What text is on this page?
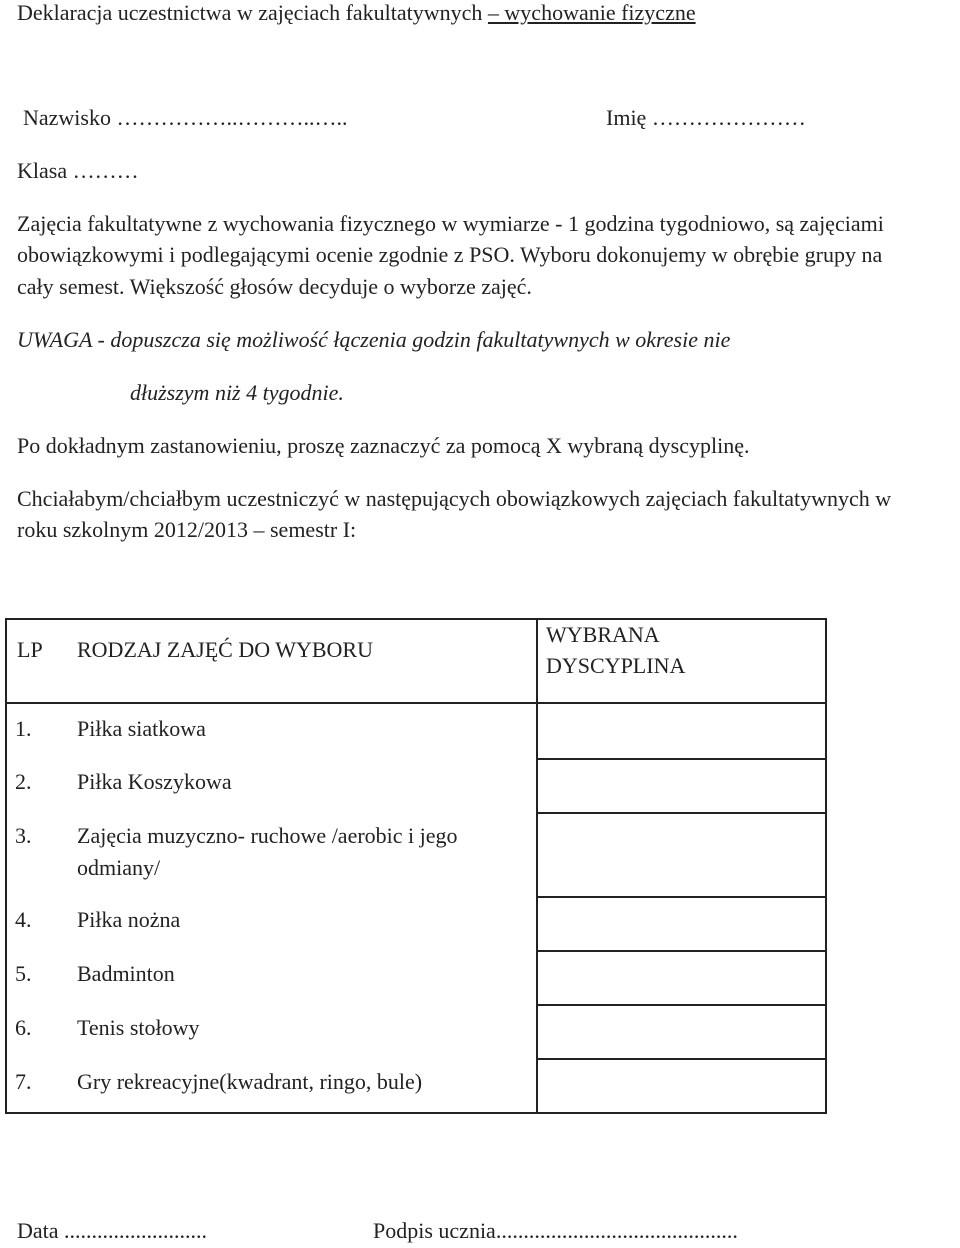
Deklaracja uczestnictwa w zajęciach fakultatywnych – wychowanie fizyczne
Nazwisko ……………..………..…..	Imię …………………
Klasa ………
Zajęcia fakultatywne z wychowania fizycznego w wymiarze - 1 godzina tygodniowo, są zajęciami
obowiązkowymi i podlegającymi ocenie zgodnie z PSO. Wyboru dokonujemy w obrębie grupy na
cały semest. Większość głosów decyduje o wyborze zajęć.
UWAGA - dopuszcza się możliwość łączenia godzin fakultatywnych w okresie nie
dłuższym niż 4 tygodnie.
Po dokładnym zastanowieniu, proszę zaznaczyć za pomocą X wybraną dyscyplinę.
Chciałabym/chciałbym uczestniczyć w następujących obowiązkowych zajęciach fakultatywnych w
roku szkolnym 2012/2013 – semestr I:
LP	RODZAJ ZAJĘĆ DO WYBORU	WYBRANA
DYSCYPLINA

1.	Piłka siatkowa	

2.	Piłka Koszykowa	

3.	Zajęcia muzyczno- ruchowe /aerobic i jego
odmiany/	

4.	Piłka nożna	

5.	Badminton	

6.	Tenis stołowy	

7.	Gry rekreacyjne(kwadrant, ringo, bule)	

Data ..........................	Podpis ucznia............................................
